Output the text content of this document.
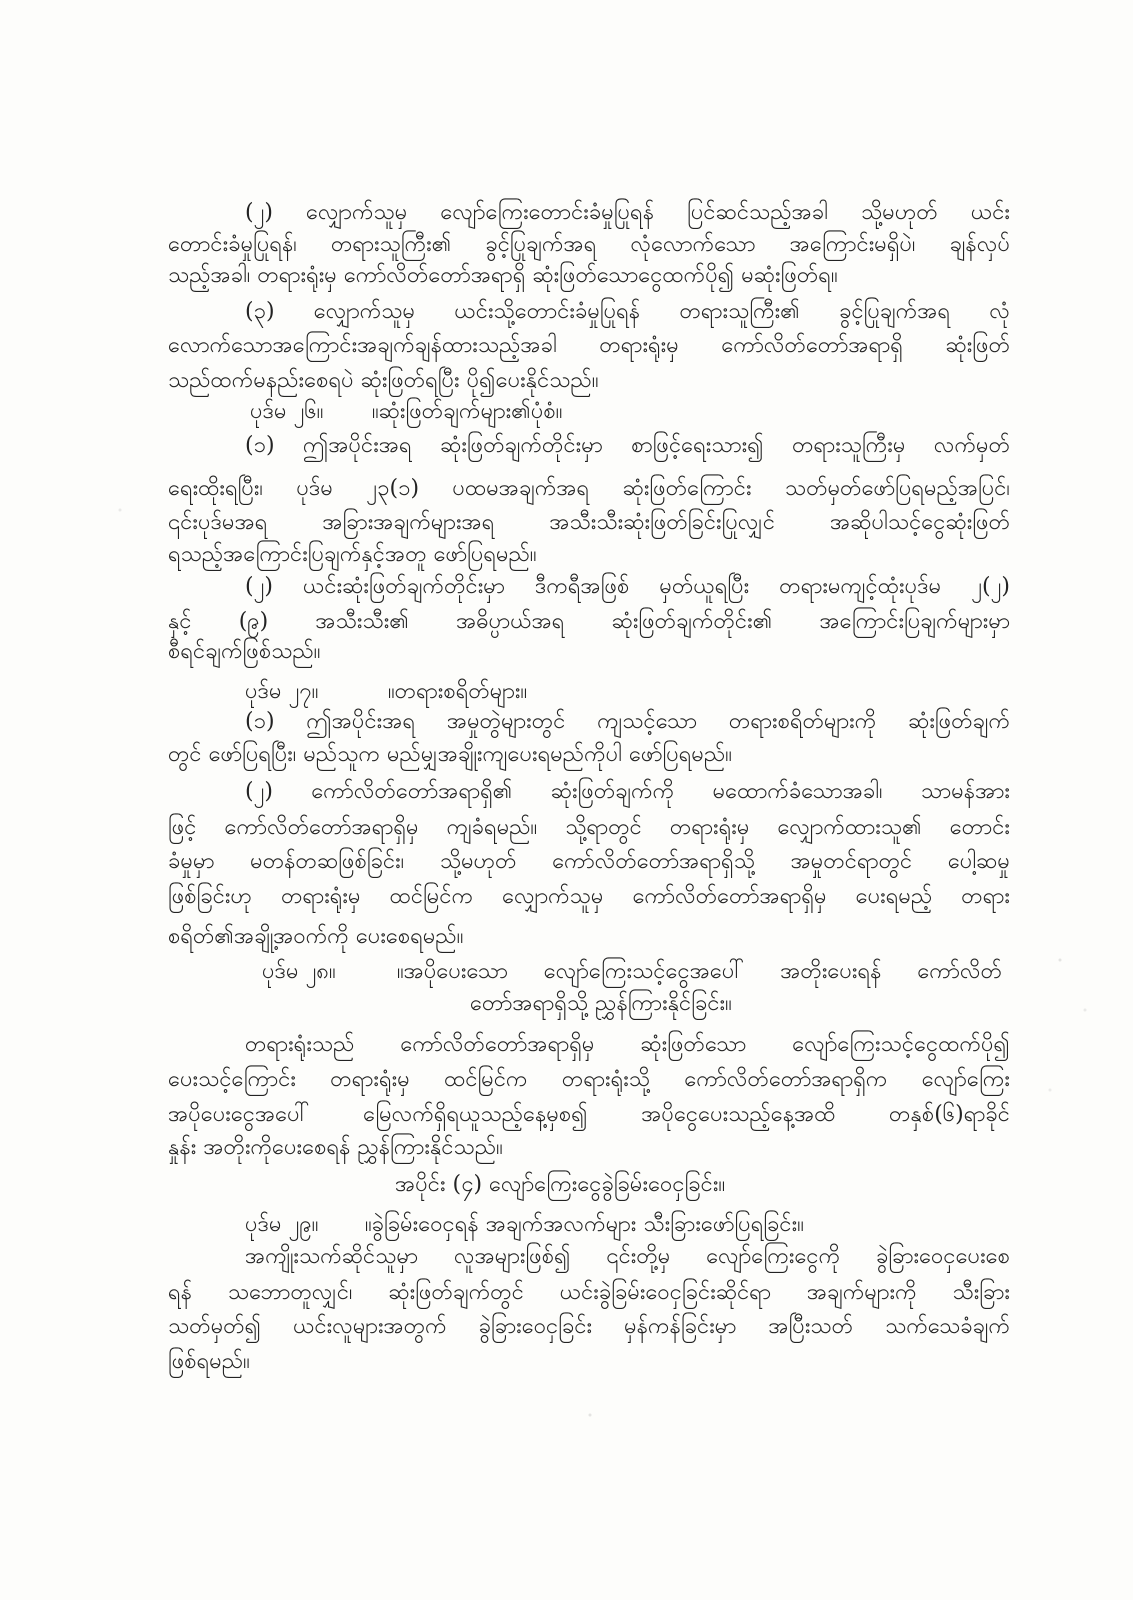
(၂) လျှောက်သူမှ လျော်ကြေးတောင်းခံမှုပြုရန် ပြင်ဆင်သည့်အခါ သို့မဟုတ် ယင်း
တောင်းခံမှုပြုရန်၊ တရားသူကြီး၏ ခွင့်ပြုချက်အရ လုံလောက်သော အကြောင်းမရှိပဲ၊ ချန်လှပ်
သည့်အခါ၊ တရားရုံးမှ ကော်လိတ်တော်အရာရှိ ဆုံးဖြတ်သောငွေထက်ပို၍ မဆုံးဖြတ်ရ။
(၃) လျှောက်သူမှ ယင်းသို့တောင်းခံမှုပြုရန် တရားသူကြီး၏ ခွင့်ပြုချက်အရ လုံ
လောက်သောအကြောင်းအချက်ချန်ထားသည့်အခါ တရားရုံးမှ ကော်လိတ်တော်အရာရှိ ဆုံးဖြတ်
သည်ထက်မနည်းစေရပဲ ဆုံးဖြတ်ရပြီး ပို၍ပေးနိုင်သည်။
ပုဒ်မ ၂၆။	။ဆုံးဖြတ်ချက်များ၏ပုံစံ။
(၁) ဤအပိုင်းအရ ဆုံးဖြတ်ချက်တိုင်းမှာ စာဖြင့်ရေးသား၍ တရားသူကြီးမှ လက်မှတ်
ရေးထိုးရပြီး၊ ပုဒ်မ ၂၃(၁) ပထမအချက်အရ ဆုံးဖြတ်ကြောင်း သတ်မှတ်ဖော်ပြရမည့်အပြင်၊
၎င်းပုဒ်မအရ အခြားအချက်များအရ အသီးသီးဆုံးဖြတ်ခြင်းပြုလျှင် အဆိုပါသင့်ငွေဆုံးဖြတ်
ရသည့်အကြောင်းပြချက်နှင့်အတူ ဖော်ပြရမည်။
(၂) ယင်းဆုံးဖြတ်ချက်တိုင်းမှာ ဒီကရီအဖြစ် မှတ်ယူရပြီး တရားမကျင့်ထုံးပုဒ်မ ၂(၂)
နှင့် (၉) အသီးသီး၏ အဓိပ္ပာယ်အရ ဆုံးဖြတ်ချက်တိုင်း၏ အကြောင်းပြချက်များမှာ
စီရင်ချက်ဖြစ်သည်။
ပုဒ်မ ၂၇။	။တရားစရိတ်များ။
(၁) ဤအပိုင်းအရ အမှုတွဲများတွင် ကျသင့်သော တရားစရိတ်များကို ဆုံးဖြတ်ချက်
တွင် ဖော်ပြရပြီး၊ မည်သူက မည်မျှအချိုးကျပေးရမည်ကိုပါ ဖော်ပြရမည်။
(၂) ကော်လိတ်တော်အရာရှိ၏ ဆုံးဖြတ်ချက်ကို မထောက်ခံသောအခါ၊ သာမန်အား
ဖြင့် ကော်လိတ်တော်အရာရှိမှ ကျခံရမည်။ သို့ရာတွင် တရားရုံးမှ လျှောက်ထားသူ၏ တောင်း
ခံမှုမှာ မတန်တဆဖြစ်ခြင်း၊ သို့မဟုတ် ကော်လိတ်တော်အရာရှိသို့ အမှုတင်ရာတွင် ပေါ့ဆမှု
ဖြစ်ခြင်းဟု တရားရုံးမှ ထင်မြင်က လျှောက်သူမှ ကော်လိတ်တော်အရာရှိမှ ပေးရမည့် တရား
စရိတ်၏အချို့အဝက်ကို ပေးစေရမည်။
ပုဒ်မ ၂၈။	။အပိုပေးသော လျော်ကြေးသင့်ငွေအပေါ် အတိုးပေးရန် ကော်လိတ်
တော်အရာရှိသို့ ညွှန်ကြားနိုင်ခြင်း။
တရားရုံးသည် ကော်လိတ်တော်အရာရှိမှ ဆုံးဖြတ်သော လျော်ကြေးသင့်ငွေထက်ပို၍
ပေးသင့်ကြောင်း တရားရုံးမှ ထင်မြင်က တရားရုံးသို့ ကော်လိတ်တော်အရာရှိက လျော်ကြေး
အပိုပေးငွေအပေါ် မြေလက်ရှိရယူသည့်နေ့မှစ၍ အပိုငွေပေးသည့်နေ့အထိ တနှစ်(၆)ရာခိုင်
နှုန်း အတိုးကိုပေးစေရန် ညွှန်ကြားနိုင်သည်။
အပိုင်း (၄) လျော်ကြေးငွေခွဲခြမ်းဝေငှခြင်း။
ပုဒ်မ ၂၉။	။ခွဲခြမ်းဝေငှရန် အချက်အလက်များ သီးခြားဖော်ပြရခြင်း။
အကျိုးသက်ဆိုင်သူမှာ လူအများဖြစ်၍ ၎င်းတို့မှ လျော်ကြေးငွေကို ခွဲခြားဝေငှပေးစေ
ရန် သဘောတူလျှင်၊ ဆုံးဖြတ်ချက်တွင် ယင်းခွဲခြမ်းဝေငှခြင်းဆိုင်ရာ အချက်များကို သီးခြား
သတ်မှတ်၍ ယင်းလူများအတွက် ခွဲခြားဝေငှခြင်း မှန်ကန်ခြင်းမှာ အပြီးသတ် သက်သေခံချက်
ဖြစ်ရမည်။
